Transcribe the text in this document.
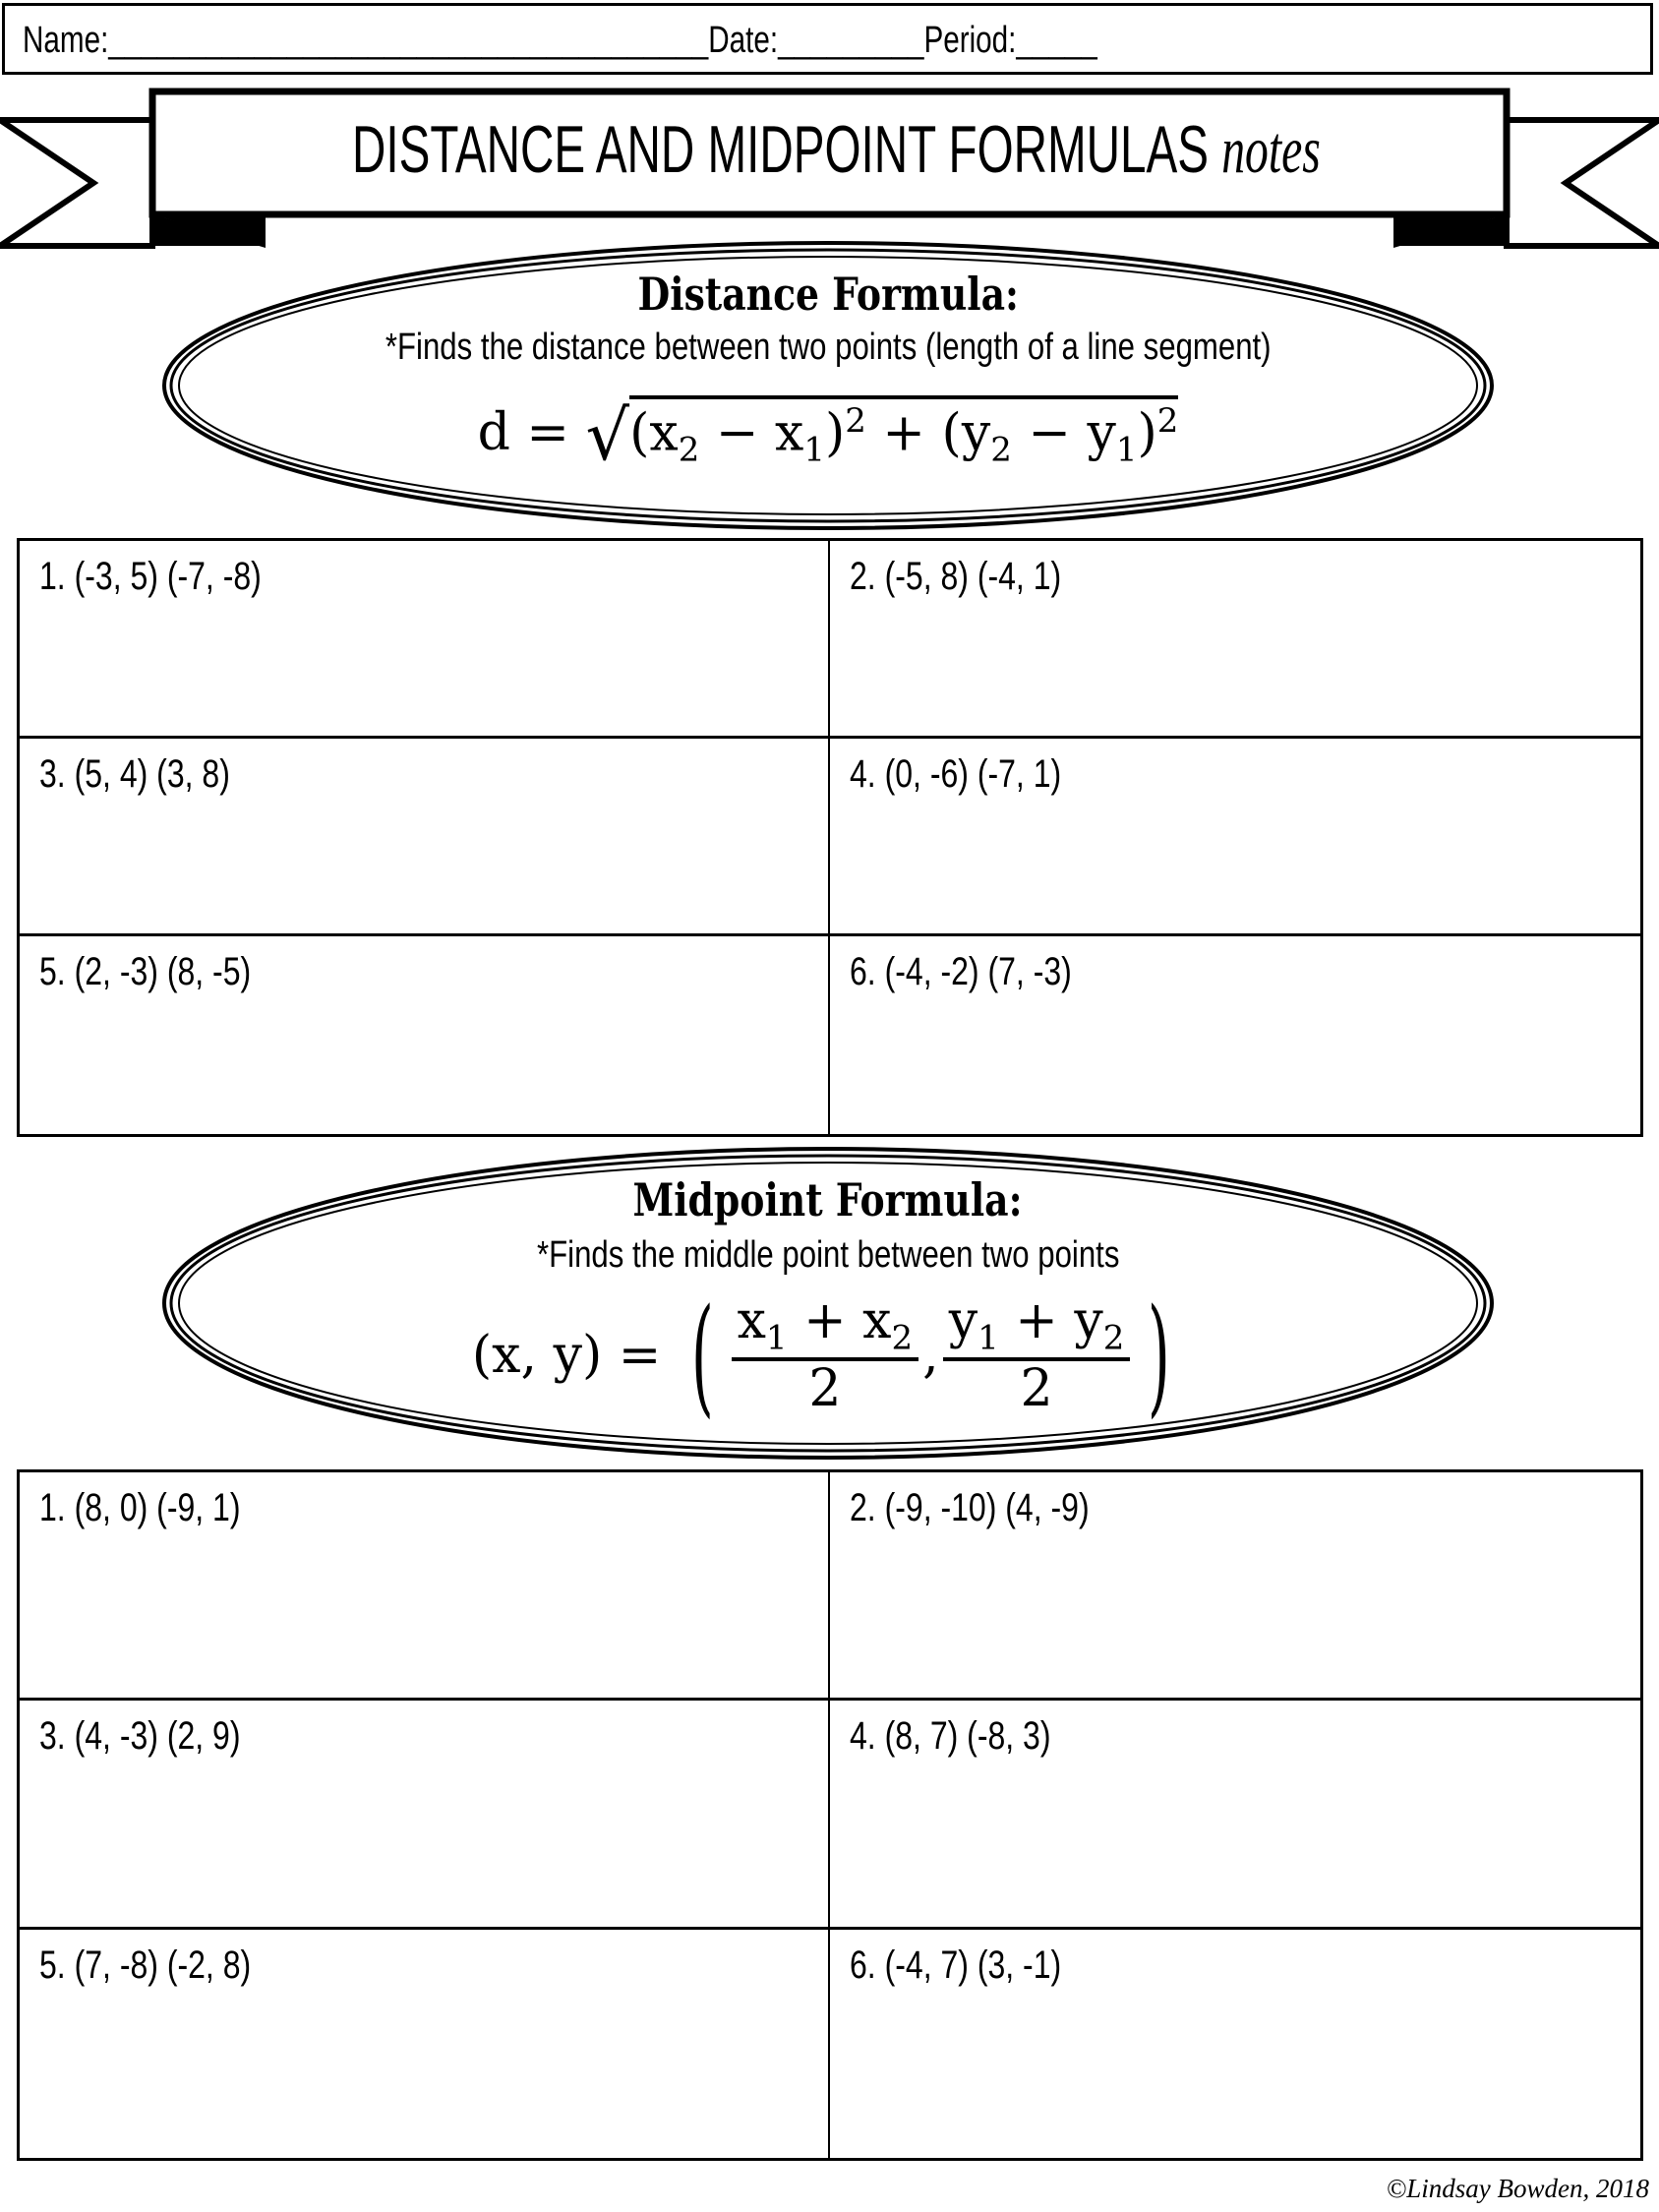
Name:_____________________________________Date:_________Period:_____
DISTANCE AND MIDPOINT FORMULAS notes
Distance Formula:
*Finds the distance between two points (length of a line segment)
d = √ $(x_2 - x_1)^2 + (y_2 - y_1)^2$
1. (-3, 5) (-7, -8)	2. (-5, 8) (-4, 1)
3. (5, 4) (3, 8)	4. (0, -6) (-7, 1)
5. (2, -3) (8, -5)	6. (-4, -2) (7, -3)
Midpoint Formula:
*Finds the middle point between two points
(x, y) = ( $\frac{x_1 + x_2}{2}$ , $\frac{y_1 + y_2}{2}$ )
1. (8, 0) (-9, 1)	2. (-9, -10) (4, -9)
3. (4, -3) (2, 9)	4. (8, 7) (-8, 3)
5. (7, -8) (-2, 8)	6. (-4, 7) (3, -1)
©Lindsay Bowden, 2018
